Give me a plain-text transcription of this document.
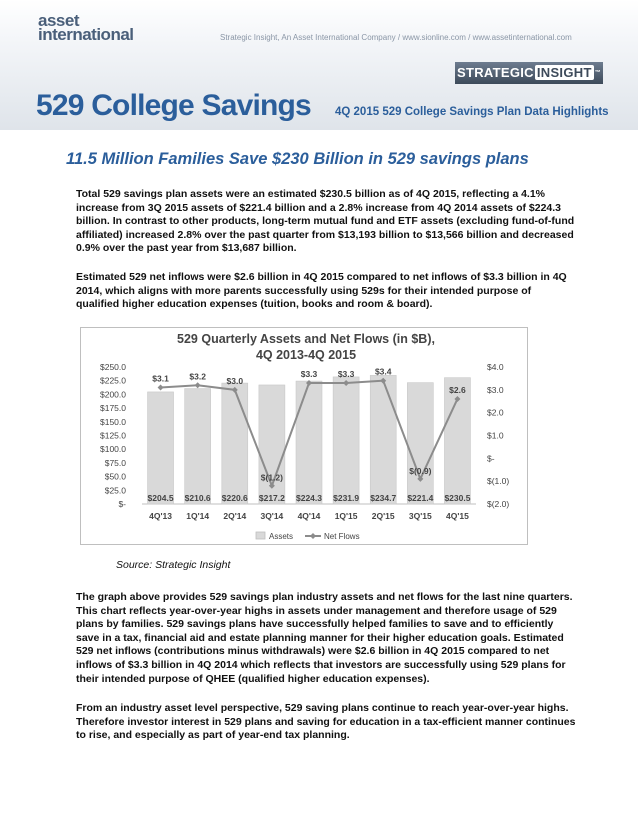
asset
international	Strategic Insight, An Asset International Company / www.sionline.com / www.assetinternational.com
STRATEGIC INSIGHT ™
529 College Savings 4Q 2015 529 College Savings Plan Data Highlights
11.5 Million Families Save $230 Billion in 529 savings plans
Total 529 savings plan assets were an estimated $230.5 billion as of 4Q 2015, reflecting a 4.1% increase from 3Q 2015 assets of $221.4 billion and a 2.8% increase from 4Q 2014 assets of $224.3 billion. In contrast to other products, long-term mutual fund and ETF assets (excluding fund-of-fund affiliated) increased 2.8% over the past quarter from $13,193 billion to $13,566 billion and decreased 0.9% over the past year from $13,687 billion.
Estimated 529 net inflows were $2.6 billion in 4Q 2015 compared to net inflows of $3.3 billion in 4Q 2014, which aligns with more parents successfully using 529s for their intended purpose of qualified higher education expenses (tuition, books and room & board).
529 Quarterly Assets and Net Flows (in $B),
4Q 2013-4Q 2015
$204.5 $210.6 $220.6 $217.2 $224.3 $231.9 $234.7 $221.4 $230.5
$-
$25.0
$50.0
$75.0
$100.0
$125.0
$150.0
$175.0
$200.0
$225.0
$250.0
$(2.0)
$(1.0)
$-
$1.0
$2.0
$3.0
$4.0
4Q'13 1Q'14 2Q'14 3Q'14 4Q'14 1Q'15 2Q'15 3Q'15 4Q'15
$3.1 $3.2 $3.0
$(1.2)
$3.3 $3.3 $3.4
$(0.9)
$2.6
Assets	Net Flows
Source: Strategic Insight
The graph above provides 529 savings plan industry assets and net flows for the last nine quarters. This chart reflects year-over-year highs in assets under management and therefore usage of 529 plans by families. 529 savings plans have successfully helped families to save and to efficiently save in a tax, financial aid and estate planning manner for their higher education goals. Estimated 529 net inflows (contributions minus withdrawals) were $2.6 billion in 4Q 2015 compared to net inflows of $3.3 billion in 4Q 2014 which reflects that investors are successfully using 529 plans for their intended purpose of QHEE (qualified higher education expenses).
From an industry asset level perspective, 529 saving plans continue to reach year-over-year highs. Therefore investor interest in 529 plans and saving for education in a tax-efficient manner continues to rise, and especially as part of year-end tax planning.
